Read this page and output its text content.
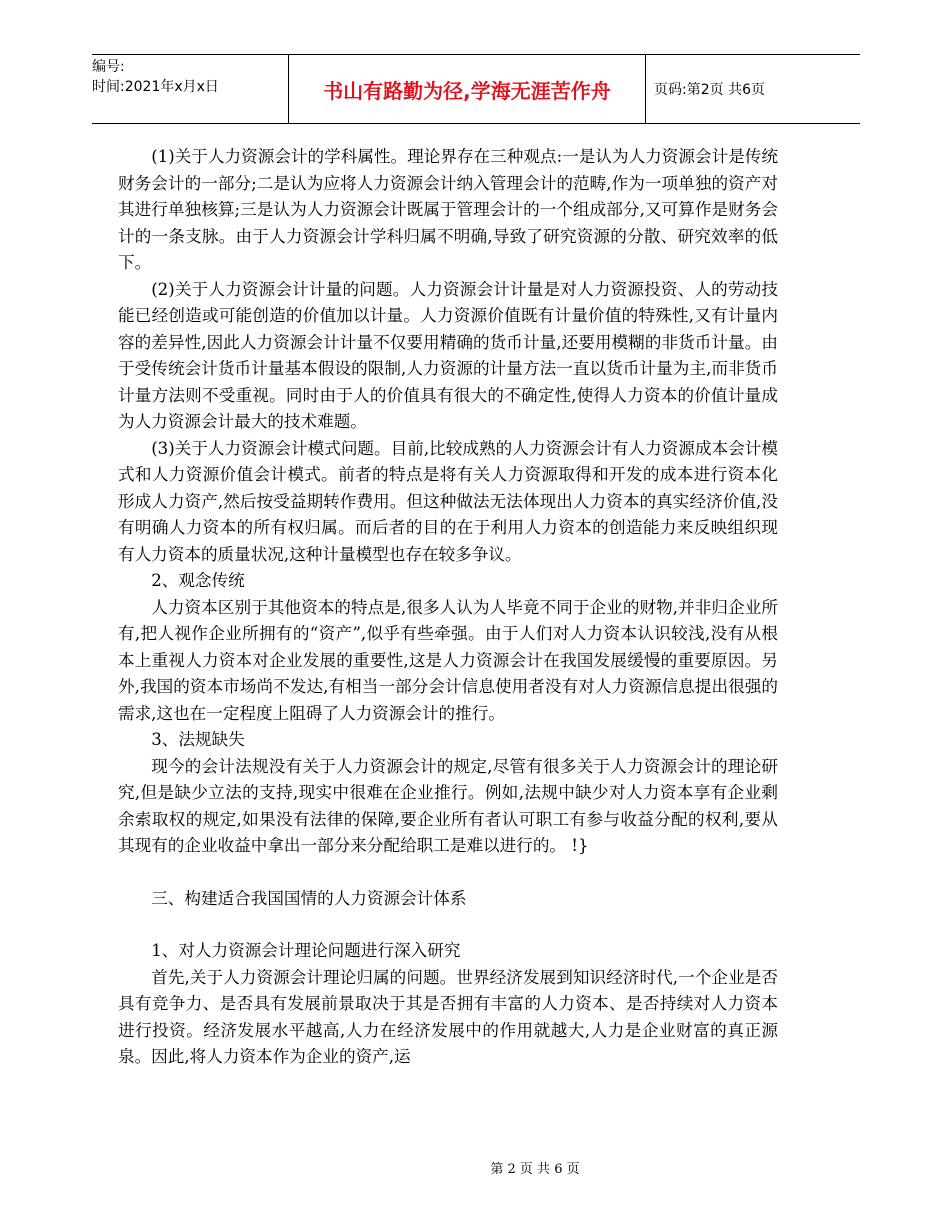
编号:
时间:2021年x月x日	书山有路勤为径,学海无涯苦作舟	页码:第2页 共6页

(1)关于人力资源会计的学科属性。理论界存在三种观点:一是认为人力资源会计是传统财务会计的一部分;二是认为应将人力资源会计纳入管理会计的范畴,作为一项单独的资产对其进行单独核算;三是认为人力资源会计既属于管理会计的一个组成部分,又可算作是财务会计的一条支脉。由于人力资源会计学科归属不明确,导致了研究资源的分散、研究效率的低下。

(2)关于人力资源会计计量的问题。人力资源会计计量是对人力资源投资、人的劳动技能已经创造或可能创造的价值加以计量。人力资源价值既有计量价值的特殊性,又有计量内容的差异性,因此人力资源会计计量不仅要用精确的货币计量,还要用模糊的非货币计量。由于受传统会计货币计量基本假设的限制,人力资源的计量方法一直以货币计量为主,而非货币计量方法则不受重视。同时由于人的价值具有很大的不确定性,使得人力资本的价值计量成为人力资源会计最大的技术难题。

(3)关于人力资源会计模式问题。目前,比较成熟的人力资源会计有人力资源成本会计模式和人力资源价值会计模式。前者的特点是将有关人力资源取得和开发的成本进行资本化形成人力资产,然后按受益期转作费用。但这种做法无法体现出人力资本的真实经济价值,没有明确人力资本的所有权归属。而后者的目的在于利用人力资本的创造能力来反映组织现有人力资本的质量状况,这种计量模型也存在较多争议。

2、观念传统

人力资本区别于其他资本的特点是,很多人认为人毕竟不同于企业的财物,并非归企业所有,把人视作企业所拥有的“资产”,似乎有些牵强。由于人们对人力资本认识较浅,没有从根本上重视人力资本对企业发展的重要性,这是人力资源会计在我国发展缓慢的重要原因。另外,我国的资本市场尚不发达,有相当一部分会计信息使用者没有对人力资源信息提出很强的需求,这也在一定程度上阻碍了人力资源会计的推行。

3、法规缺失

现今的会计法规没有关于人力资源会计的规定,尽管有很多关于人力资源会计的理论研究,但是缺少立法的支持,现实中很难在企业推行。例如,法规中缺少对人力资本享有企业剩余索取权的规定,如果没有法律的保障,要企业所有者认可职工有参与收益分配的权利,要从其现有的企业收益中拿出一部分来分配给职工是难以进行的。 !}

三、构建适合我国国情的人力资源会计体系

1、对人力资源会计理论问题进行深入研究

首先,关于人力资源会计理论归属的问题。世界经济发展到知识经济时代,一个企业是否具有竞争力、是否具有发展前景取决于其是否拥有丰富的人力资本、是否持续对人力资本进行投资。经济发展水平越高,人力在经济发展中的作用就越大,人力是企业财富的真正源泉。因此,将人力资本作为企业的资产,运

第 2 页 共 6 页
